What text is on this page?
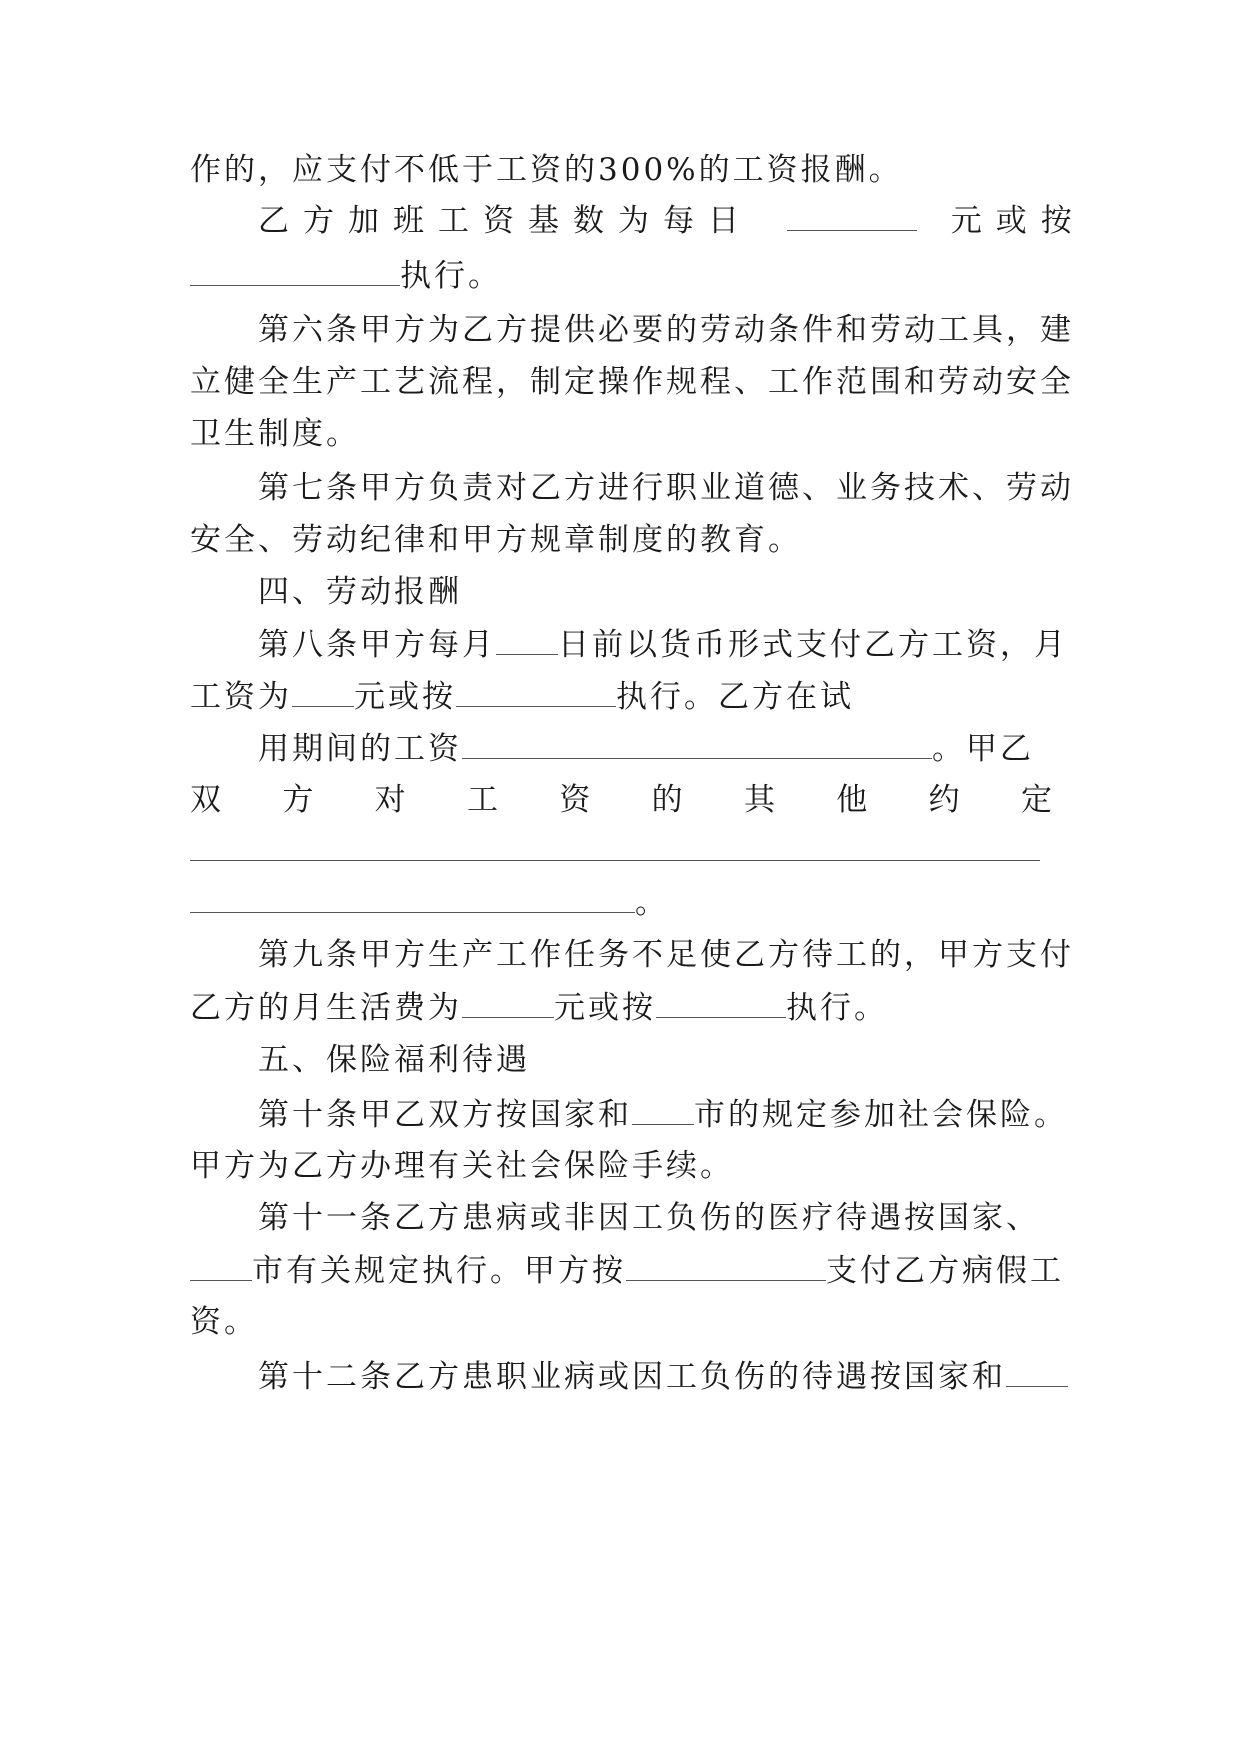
作的，应支付不低于工资的300%的工资报酬。
乙方加班工资基数为每日	元或按
执行。
第六条甲方为乙方提供必要的劳动条件和劳动工具，建
立健全生产工艺流程，制定操作规程、工作范围和劳动安全
卫生制度。
第七条甲方负责对乙方进行职业道德、业务技术、劳动
安全、劳动纪律和甲方规章制度的教育。
四、劳动报酬
第八条甲方每月 日前以货币形式支付乙方工资，月
工资为 元或按	执行。乙方在试
用期间的工资	。甲乙
双 方 对 工 资 的 其 他 约 定
。
第九条甲方生产工作任务不足使乙方待工的，甲方支付
乙方的月生活费为	元或按	执行。
五、保险福利待遇
第十条甲乙双方按国家和 市的规定参加社会保险。
甲方为乙方办理有关社会保险手续。
第十一条乙方患病或非因工负伤的医疗待遇按国家、
市有关规定执行。甲方按	支付乙方病假工
资。
第十二条乙方患职业病或因工负伤的待遇按国家和
